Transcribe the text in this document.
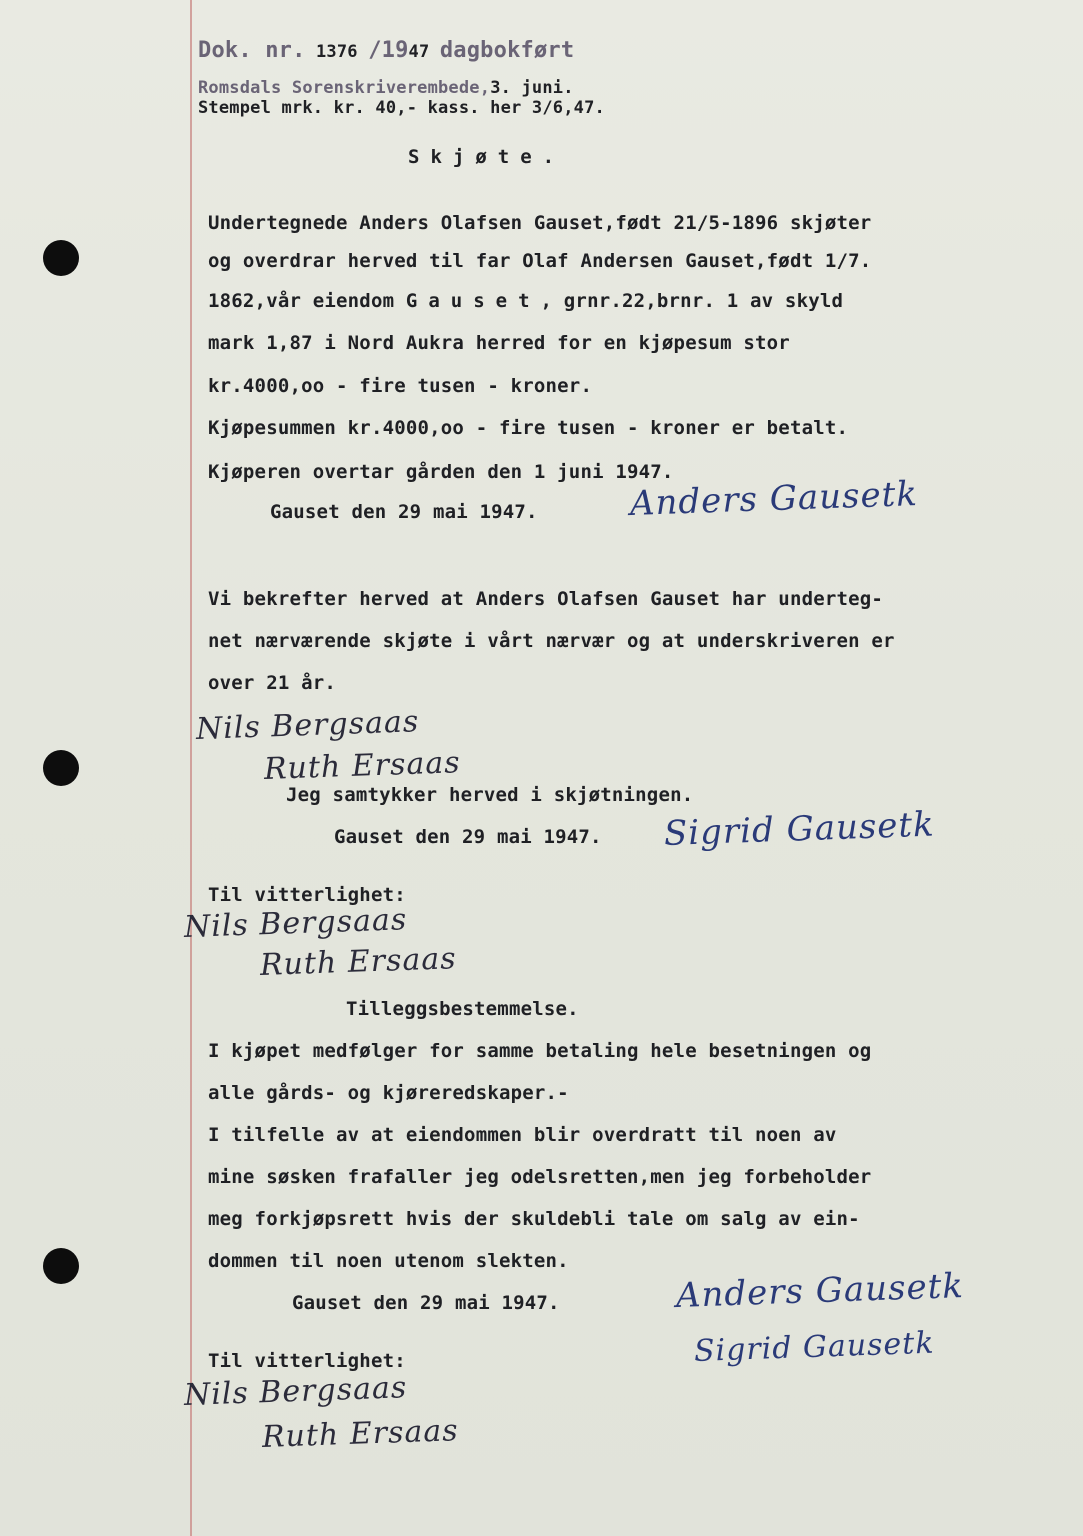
Dok. nr. 1376 /1947 dagbokført
Romsdals Sorenskriverembede,3. juni.
Stempel mrk. kr. 40,- kass. her 3/6,47.
Skjøte.
Undertegnede Anders Olafsen Gauset,født 21/5-1896 skjøter
og overdrar herved til far Olaf Andersen Gauset,født 1/7.
1862,vår eiendom Gauset, grnr.22,brnr. 1 av skyld
mark 1,87 i Nord Aukra herred for en kjøpesum stor
kr.4000,oo - fire tusen - kroner.
Kjøpesummen kr.4000,oo - fire tusen - kroner er betalt.
Kjøperen overtar gården den 1 juni 1947.
Gauset den 29 mai 1947.	Anders Gausetk
Vi bekrefter herved at Anders Olafsen Gauset har underteg-
net nærværende skjøte i vårt nærvær og at underskriveren er
over 21 år.
Nils Bergsaas
Ruth Ersaas
Jeg samtykker herved i skjøtningen.
Gauset den 29 mai 1947. Sigrid Gausetk
Til vitterlighet:
Nils Bergsaas
Ruth Ersaas
Tilleggsbestemmelse.
I kjøpet medfølger for samme betaling hele besetningen og
alle gårds- og kjøreredskaper.-
I tilfelle av at eiendommen blir overdratt til noen av
mine søsken frafaller jeg odelsretten,men jeg forbeholder
meg forkjøpsrett hvis der skuldebli tale om salg av ein-
dommen til noen utenom slekten.
Gauset den 29 mai 1947.	Anders Gausetk
Sigrid Gausetk
Til vitterlighet:
Nils Bergsaas
Ruth Ersaas
